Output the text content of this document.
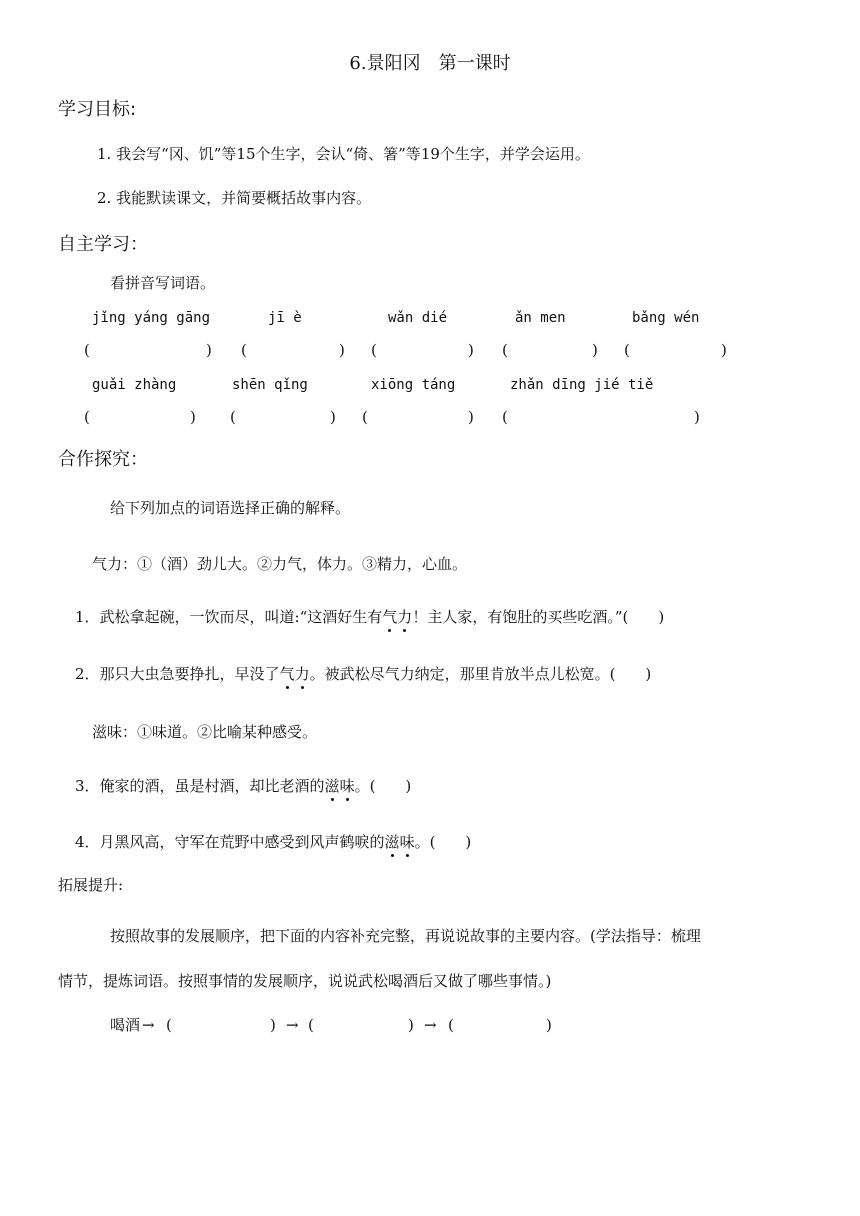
6.景阳冈　第一课时
学习目标:
1. 我会写“冈、饥”等15个生字，会认“倚、箸”等19个生字，并学会运用。
2. 我能默读课文，并简要概括故事内容。
自主学习：
看拼音写词语。
jǐng yáng gāng	jī è	wǎn dié	ǎn men	bǎng wén
(	) (	) (	) (	) (	)
guǎi zhàng	shēn qǐng	xiōng táng	zhǎn dīng jié tiě
(	) (	) (	) (	)
合作探究：
给下列加点的词语选择正确的解释。
气力：①（酒）劲儿大。②力气，体力。③精力，心血。
1．武松拿起碗，一饮而尽，叫道:“这酒好生有气力！主人家，有饱肚的买些吃酒。”(　　)
2．那只大虫急要挣扎，早没了气力。被武松尽气力纳定，那里肯放半点儿松宽。(　　)
滋味：①味道。②比喻某种感受。
3．俺家的酒，虽是村酒，却比老酒的滋味。(　　)
4．月黑风高，守军在荒野中感受到风声鹤唳的滋味。(　　)
拓展提升:
按照故事的发展顺序，把下面的内容补充完整，再说说故事的主要内容。(学法指导：梳理
情节，提炼词语。按照事情的发展顺序，说说武松喝酒后又做了哪些事情。)
喝酒 → (	) → (	) → (	)
